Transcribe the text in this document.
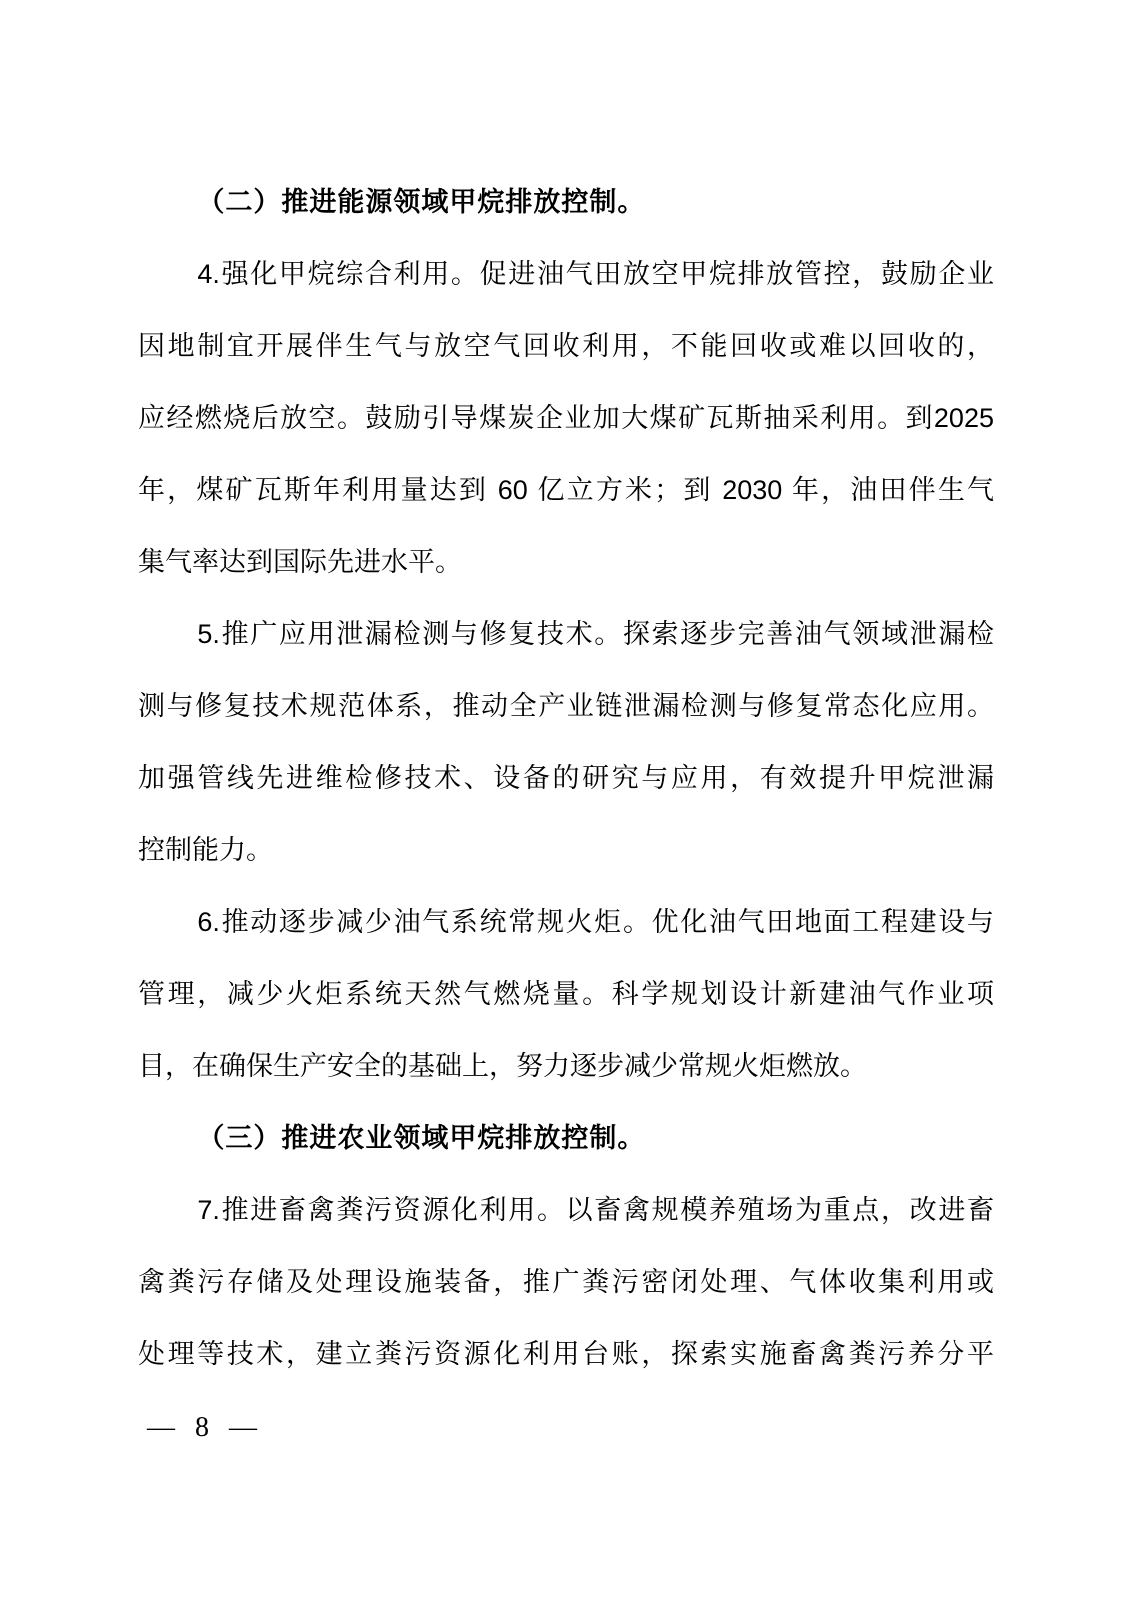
（二）推进能源领域甲烷排放控制。
4.强化甲烷综合利用。促进油气田放空甲烷排放管控，鼓励企业
因地制宜开展伴生气与放空气回收利用，不能回收或难以回收的，
应经燃烧后放空。鼓励引导煤炭企业加大煤矿瓦斯抽采利用。到2025
年，煤矿瓦斯年利用量达到 60 亿立方米；到 2030 年，油田伴生气
集气率达到国际先进水平。
5.推广应用泄漏检测与修复技术。探索逐步完善油气领域泄漏检
测与修复技术规范体系，推动全产业链泄漏检测与修复常态化应用。
加强管线先进维检修技术、设备的研究与应用，有效提升甲烷泄漏
控制能力。
6.推动逐步减少油气系统常规火炬。优化油气田地面工程建设与
管理，减少火炬系统天然气燃烧量。科学规划设计新建油气作业项
目，在确保生产安全的基础上，努力逐步减少常规火炬燃放。
（三）推进农业领域甲烷排放控制。
7.推进畜禽粪污资源化利用。以畜禽规模养殖场为重点，改进畜
禽粪污存储及处理设施装备，推广粪污密闭处理、气体收集利用或
处理等技术，建立粪污资源化利用台账，探索实施畜禽粪污养分平
— 8 —
